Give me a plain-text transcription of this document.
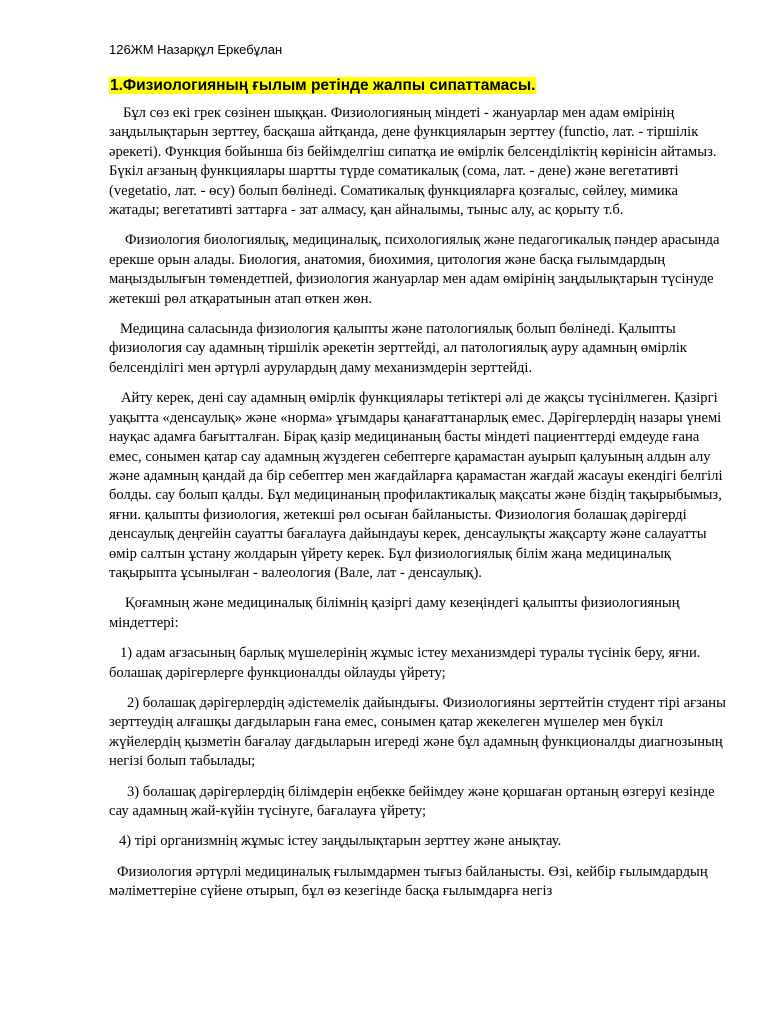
126ЖМ Назарқұл Еркебұлан
1.Физиологияның ғылым ретінде жалпы сипаттамасы.

Бұл сөз екі грек сөзінен шыққан. Физиологияның міндеті - жануарлар мен адам өмірінің заңдылықтарын зерттеу, басқаша айтқанда, дене функцияларын зерттеу (functio, лат. - тіршілік әрекеті). Функция бойынша біз бейімделгіш сипатқа ие өмірлік белсенділіктің көрінісін айтамыз. Бүкіл ағзаның функциялары шартты түрде соматикалық (сома, лат. - дене) және вегетативті (vegetatio, лат. - өсу) болып бөлінеді. Соматикалық функцияларға қозғалыс, сөйлеу, мимика жатады; вегетативті заттарға - зат алмасу, қан айналымы, тыныс алу, ас қорыту т.б.

Физиология биологиялық, медициналық, психологиялық және педагогикалық пәндер арасында ерекше орын алады. Биология, анатомия, биохимия, цитология және басқа ғылымдардың маңыздылығын төмендетпей, физиология жануарлар мен адам өмірінің заңдылықтарын түсінуде жетекші рөл атқаратынын атап өткен жөн.

Медицина саласында физиология қалыпты және патологиялық болып бөлінеді. Қалыпты физиология сау адамның тіршілік әрекетін зерттейді, ал патологиялық ауру адамның өмірлік белсенділігі мен әртүрлі аурулардың даму механизмдерін зерттейді.

Айту керек, дені сау адамның өмірлік функциялары тетіктері әлі де жақсы түсінілмеген. Қазіргі уақытта «денсаулық» және «норма» ұғымдары қанағаттанарлық емес. Дәрігерлердің назары үнемі науқас адамға бағытталған. Бірақ қазір медицинаның басты міндеті пациенттерді емдеуде ғана емес, сонымен қатар сау адамның жүздеген себептерге қарамастан ауырып қалуының алдын алу және адамның қандай да бір себептер мен жағдайларға қарамастан жағдай жасауы екендігі белгілі болды. сау болып қалды. Бұл медицинаның профилактикалық мақсаты және біздің тақырыбымыз, яғни. қалыпты физиология, жетекші рөл осыған байланысты. Физиология болашақ дәрігерді денсаулық деңгейін сауатты бағалауға дайындауы керек, денсаулықты жақсарту және салауатты өмір салтын ұстану жолдарын үйрету керек. Бұл физиологиялық білім жаңа медициналық тақырыпта ұсынылған - валеология (Вале, лат - денсаулық).

Қоғамның және медициналық білімнің қазіргі даму кезеңіндегі қалыпты физиологияның міндеттері:

1) адам ағзасының барлық мүшелерінің жұмыс істеу механизмдері туралы түсінік беру, яғни. болашақ дәрігерлерге функционалды ойлауды үйрету;

2) болашақ дәрігерлердің әдістемелік дайындығы. Физиологияны зерттейтін студент тірі ағзаны зерттеудің алғашқы дағдыларын ғана емес, сонымен қатар жекелеген мүшелер мен бүкіл жүйелердің қызметін бағалау дағдыларын игереді және бұл адамның функционалды диагнозының негізі болып табылады;

3) болашақ дәрігерлердің білімдерін еңбекке бейімдеу және қоршаған ортаның өзгеруі кезінде сау адамның жай-күйін түсінуге, бағалауға үйрету;

4) тірі организмнің жұмыс істеу заңдылықтарын зерттеу және анықтау.

Физиология әртүрлі медициналық ғылымдармен тығыз байланысты. Өзі, кейбір ғылымдардың мәліметтеріне сүйене отырып, бұл өз кезегінде басқа ғылымдарға негіз
